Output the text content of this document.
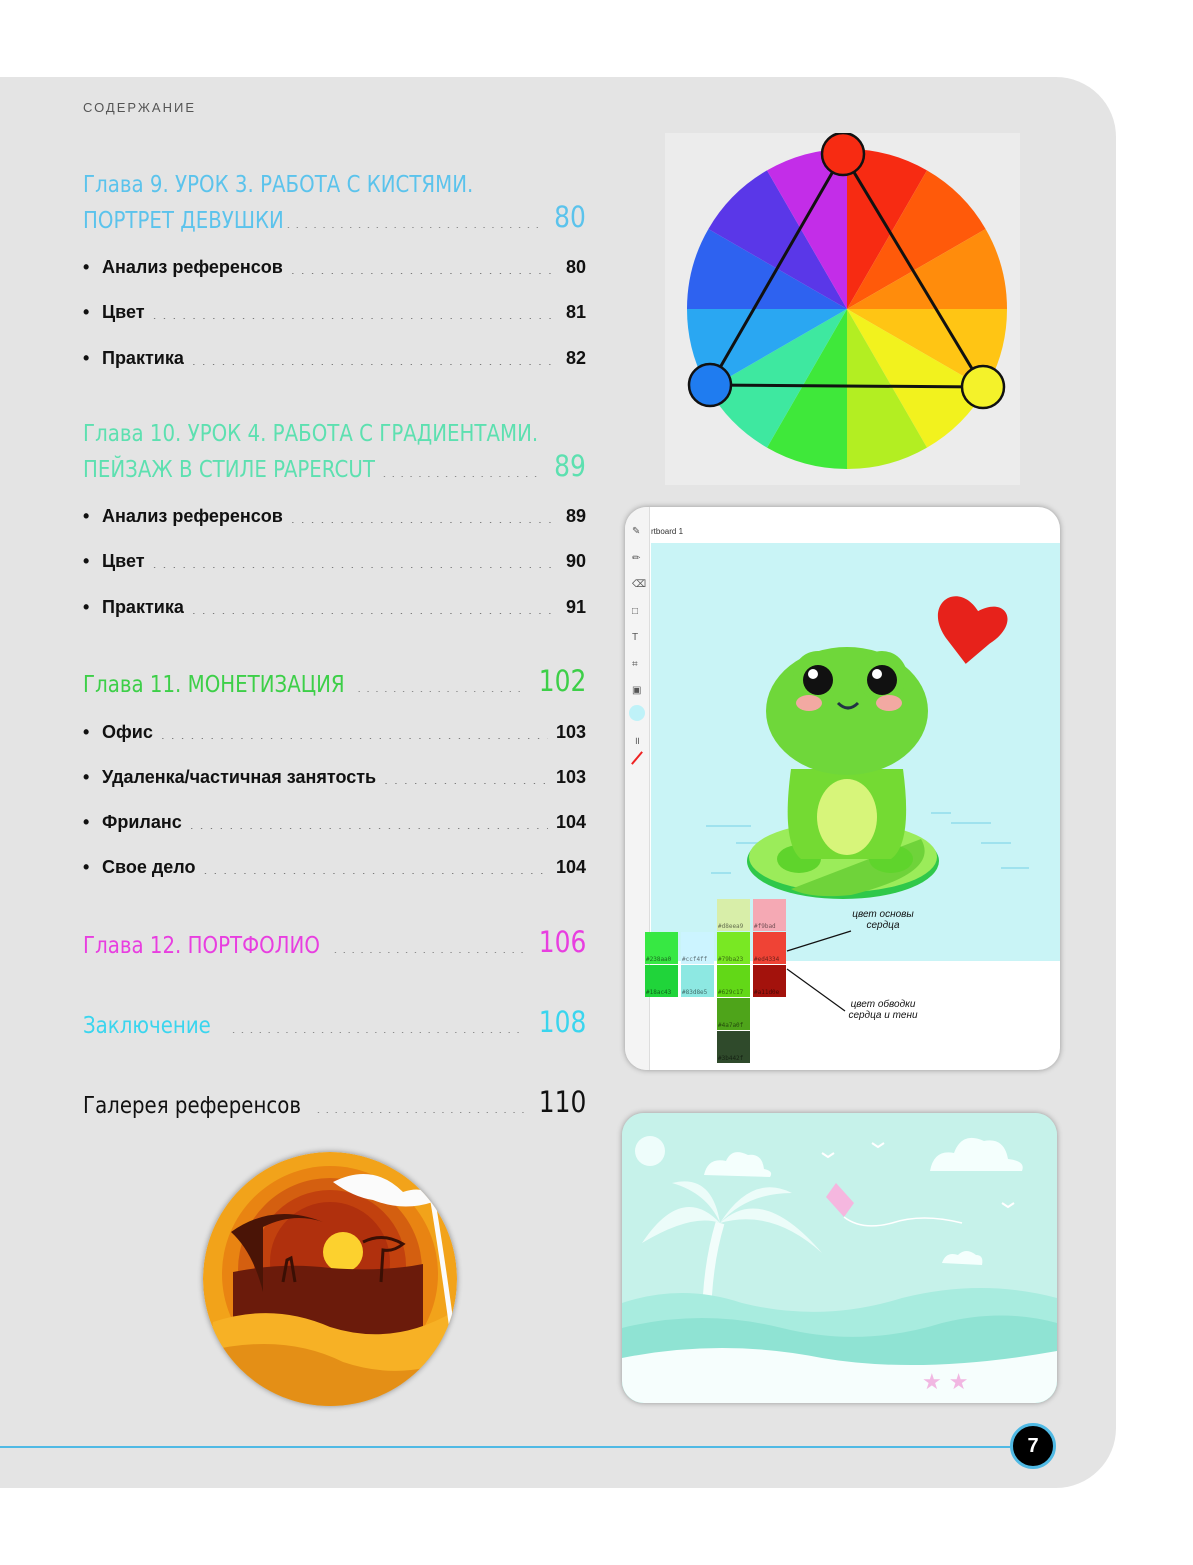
СОДЕРЖАНИЕ
Глава 9. УРОК 3. РАБОТА С КИСТЯМИ.
ПОРТРЕТ ДЕВУШКИ .....	80
• Анализ референсов .....	80
• Цвет .....	81
• Практика .....	82
Глава 10. УРОК 4. РАБОТА С ГРАДИЕНТАМИ.
ПЕЙЗАЖ В СТИЛЕ PAPERCUT .....	89
• Анализ референсов .....	89
• Цвет .....	90
• Практика .....	91
Глава 11. МОНЕТИЗАЦИЯ .....	102
• Офис .....	103
• Удаленка/частичная занятость .....	103
• Фриланс .....	104
• Свое дело .....	104
Глава 12. ПОРТФОЛИО .....	106
Заключение .....	108
Галерея референсов .....	110
✎
✏
⌫
□
T
⌗
▣
॥
rtboard 1
#d8eea9 #f9bad
#238aa0 #ccf4ff #79ba23 #ed4334
#18ac43 #83d8e5 #629c17 #a11d0e
#4a7a0f
#3b442f
цвет основы сердца
цвет обводки сердца и тени
★ ★
7
